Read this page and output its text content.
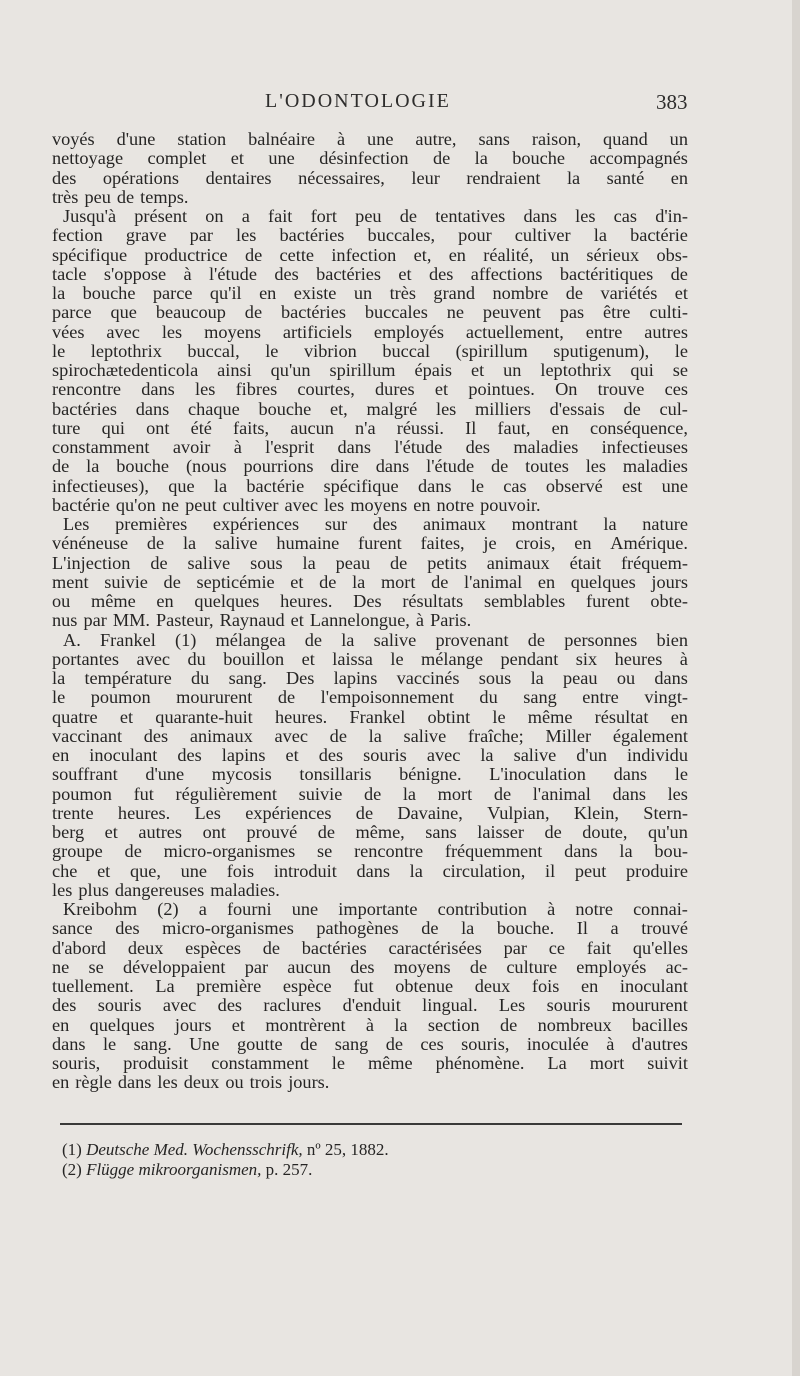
L'ODONTOLOGIE	383
voyés d'une station balnéaire à une autre, sans raison, quand un
nettoyage complet et une désinfection de la bouche accompagnés
des opérations dentaires nécessaires, leur rendraient la santé en
très peu de temps.
Jusqu'à présent on a fait fort peu de tentatives dans les cas d'in-
fection grave par les bactéries buccales, pour cultiver la bactérie
spécifique productrice de cette infection et, en réalité, un sérieux obs-
tacle s'oppose à l'étude des bactéries et des affections bactéritiques de
la bouche parce qu'il en existe un très grand nombre de variétés et
parce que beaucoup de bactéries buccales ne peuvent pas être culti-
vées avec les moyens artificiels employés actuellement, entre autres
le leptothrix buccal, le vibrion buccal (spirillum sputigenum), le
spirochætedenticola ainsi qu'un spirillum épais et un leptothrix qui se
rencontre dans les fibres courtes, dures et pointues. On trouve ces
bactéries dans chaque bouche et, malgré les milliers d'essais de cul-
ture qui ont été faits, aucun n'a réussi. Il faut, en conséquence,
constamment avoir à l'esprit dans l'étude des maladies infectieuses
de la bouche (nous pourrions dire dans l'étude de toutes les maladies
infectieuses), que la bactérie spécifique dans le cas observé est une
bactérie qu'on ne peut cultiver avec les moyens en notre pouvoir.
Les premières expériences sur des animaux montrant la nature
vénéneuse de la salive humaine furent faites, je crois, en Amérique.
L'injection de salive sous la peau de petits animaux était fréquem-
ment suivie de septicémie et de la mort de l'animal en quelques jours
ou même en quelques heures. Des résultats semblables furent obte-
nus par MM. Pasteur, Raynaud et Lannelongue, à Paris.
A. Frankel (1) mélangea de la salive provenant de personnes bien
portantes avec du bouillon et laissa le mélange pendant six heures à
la température du sang. Des lapins vaccinés sous la peau ou dans
le poumon moururent de l'empoisonnement du sang entre vingt-
quatre et quarante-huit heures. Frankel obtint le même résultat en
vaccinant des animaux avec de la salive fraîche; Miller également
en inoculant des lapins et des souris avec la salive d'un individu
souffrant d'une mycosis tonsillaris bénigne. L'inoculation dans le
poumon fut régulièrement suivie de la mort de l'animal dans les
trente heures. Les expériences de Davaine, Vulpian, Klein, Stern-
berg et autres ont prouvé de même, sans laisser de doute, qu'un
groupe de micro-organismes se rencontre fréquemment dans la bou-
che et que, une fois introduit dans la circulation, il peut produire
les plus dangereuses maladies.
Kreibohm (2) a fourni une importante contribution à notre connai-
sance des micro-organismes pathogènes de la bouche. Il a trouvé
d'abord deux espèces de bactéries caractérisées par ce fait qu'elles
ne se développaient par aucun des moyens de culture employés ac-
tuellement. La première espèce fut obtenue deux fois en inoculant
des souris avec des raclures d'enduit lingual. Les souris moururent
en quelques jours et montrèrent à la section de nombreux bacilles
dans le sang. Une goutte de sang de ces souris, inoculée à d'autres
souris, produisit constamment le même phénomène. La mort suivit
en règle dans les deux ou trois jours.
(1) Deutsche Med. Wochensschrifk, nº 25, 1882.
(2) Flügge mikroorganismen, p. 257.
